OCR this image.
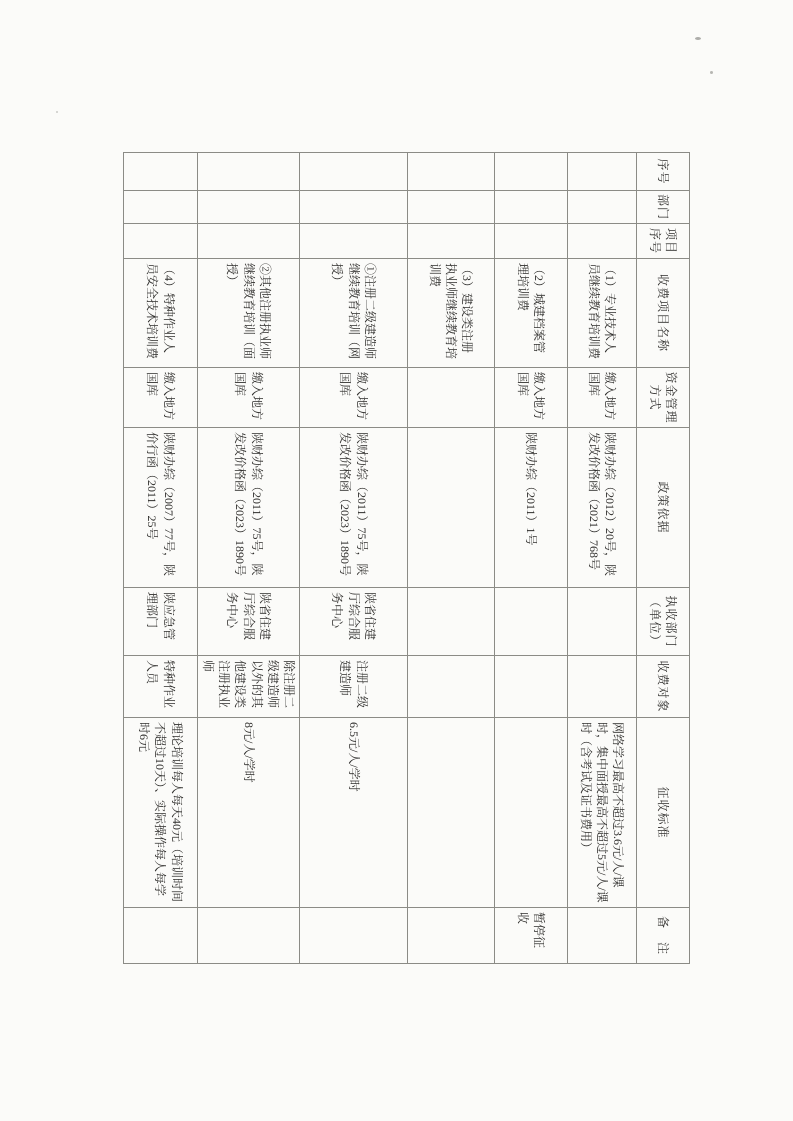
序号	部门	项目序号	收费项目名称	资金管理方式	政策依据	执收部门（单位）	收费对象	征收标准	备　注
			（1）专业技术人员继续教育培训费	缴入地方国库	陕财办综（2012）20号，陕发改价格函（2021）768号			网络学习最高不超过3.6元/人/课时，集中面授最高不超过5元/人/课时（含考试及证书费用）	
			（2）城建档案管理培训费	缴入地方国库	陕财办综（2011）1号				暂停征收
			（3）建设类注册执业师继续教育培训费						
			①注册二级建造师继续教育培训（网授）	缴入地方国库	陕财办综（2011）75号，陕发改价格函（2023）1890号	陕省住建厅综合服务中心	注册二级建造师	6.5元/人/学时	
			②其他注册执业师继续教育培训（面授）	缴入地方国库	陕财办综（2011）75号，陕发改价格函（2023）1890号	陕省住建厅综合服务中心	除注册二级建造师以外的其他建设类注册执业师	8元/人/学时	
			（4）特种作业人员安全技术培训费	缴入地方国库	陕财办综（2007）77号，陕价行函（2011）25号	陕应急管理部门	特种作业人员	理论培训每人每天40元（培训时间不超过10天）、实际操作每人每学时6元	
